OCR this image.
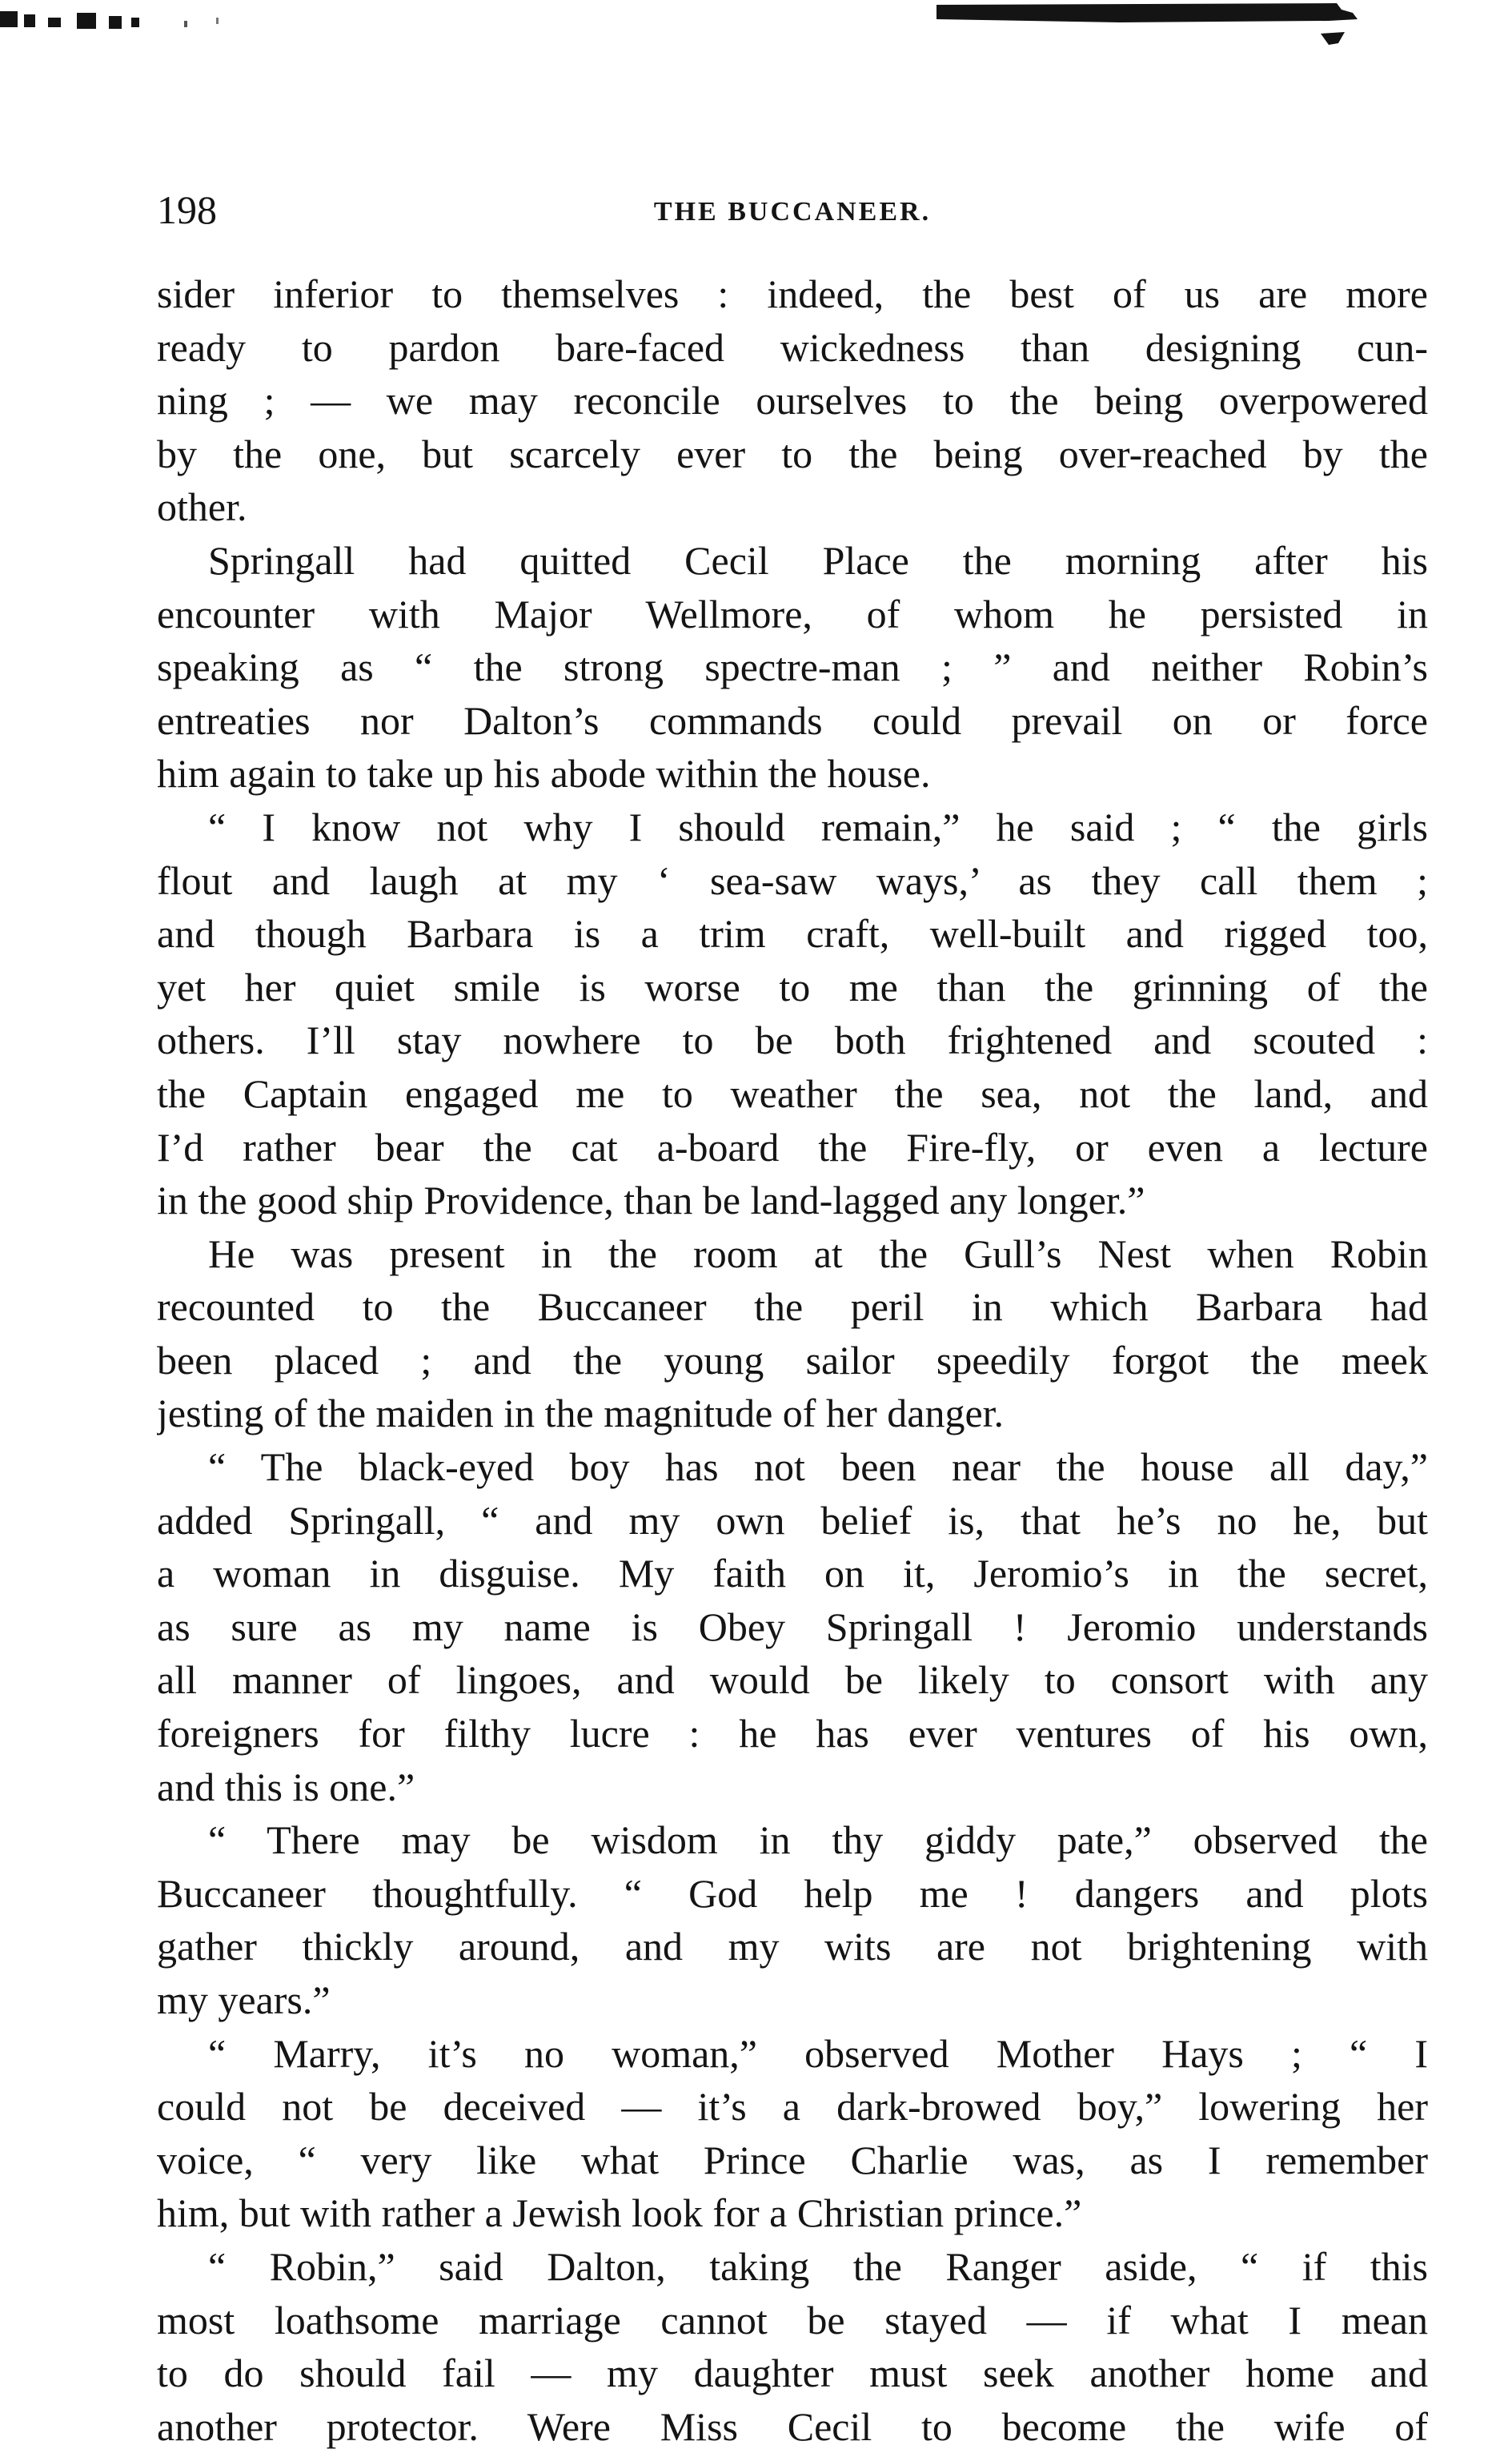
198	THE BUCCANEER.
sider inferior to themselves : indeed, the best of us are more
ready to pardon bare-faced wickedness than designing cun-
ning ; — we may reconcile ourselves to the being overpowered
by the one, but scarcely ever to the being over-reached by the
other.
Springall had quitted Cecil Place the morning after his
encounter with Major Wellmore, of whom he persisted in
speaking as “ the strong spectre-man ; ” and neither Robin’s
entreaties nor Dalton’s commands could prevail on or force
him again to take up his abode within the house.
“ I know not why I should remain,” he said ; “ the girls
flout and laugh at my ‘ sea-saw ways,’ as they call them ;
and though Barbara is a trim craft, well-built and rigged too,
yet her quiet smile is worse to me than the grinning of the
others. I’ll stay nowhere to be both frightened and scouted :
the Captain engaged me to weather the sea, not the land, and
I’d rather bear the cat a-board the Fire-fly, or even a lecture
in the good ship Providence, than be land-lagged any longer.”
He was present in the room at the Gull’s Nest when Robin
recounted to the Buccaneer the peril in which Barbara had
been placed ; and the young sailor speedily forgot the meek
jesting of the maiden in the magnitude of her danger.
“ The black-eyed boy has not been near the house all day,”
added Springall, “ and my own belief is, that he’s no he, but
a woman in disguise. My faith on it, Jeromio’s in the secret,
as sure as my name is Obey Springall ! Jeromio understands
all manner of lingoes, and would be likely to consort with any
foreigners for filthy lucre : he has ever ventures of his own,
and this is one.”
“ There may be wisdom in thy giddy pate,” observed the
Buccaneer thoughtfully. “ God help me ! dangers and plots
gather thickly around, and my wits are not brightening with
my years.”
“ Marry, it’s no woman,” observed Mother Hays ; “ I
could not be deceived — it’s a dark-browed boy,” lowering her
voice, “ very like what Prince Charlie was, as I remember
him, but with rather a Jewish look for a Christian prince.”
“ Robin,” said Dalton, taking the Ranger aside, “ if this
most loathsome marriage cannot be stayed — if what I mean
to do should fail — my daughter must seek another home and
another protector. Were Miss Cecil to become the wife of
